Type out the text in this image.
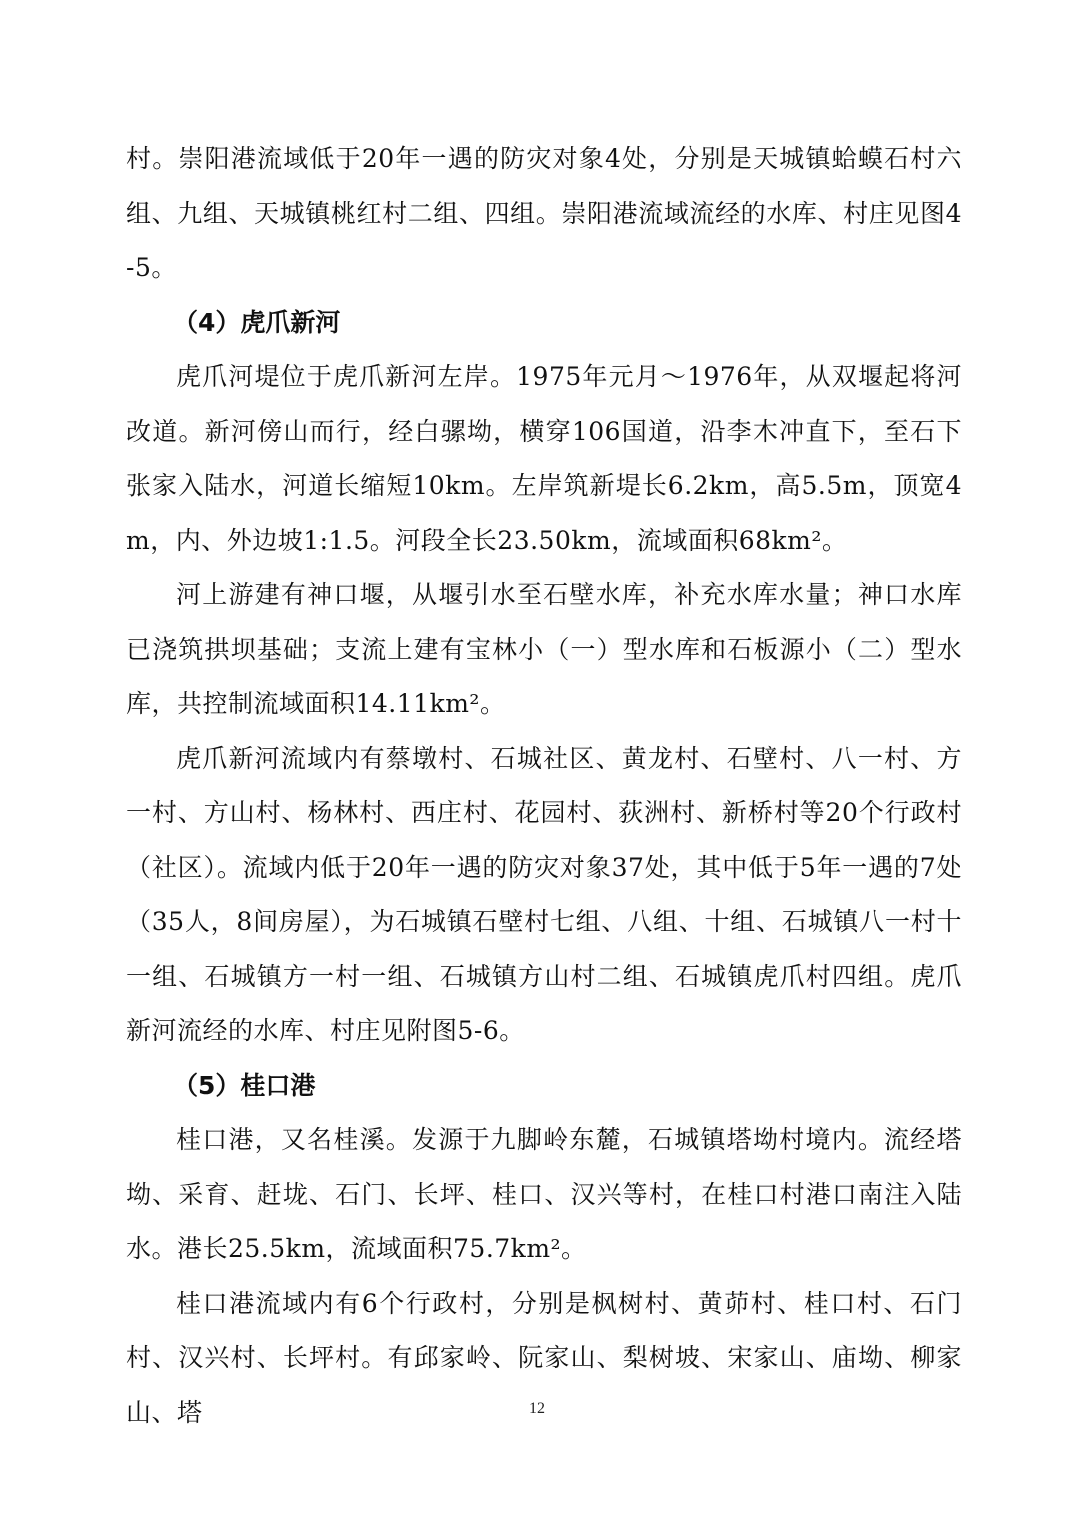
村。崇阳港流域低于20年一遇的防灾对象4处，分别是天城镇蛤蟆石村六组、九组、天城镇桃红村二组、四组。崇阳港流域流经的水库、村庄见图4-5。

（4）虎爪新河

虎爪河堤位于虎爪新河左岸。1975年元月～1976年，从双堰起将河改道。新河傍山而行，经白骡坳，横穿106国道，沿李木冲直下，至石下张家入陆水，河道长缩短10km。左岸筑新堤长6.2km，高5.5m，顶宽4m，内、外边坡1:1.5。河段全长23.50km，流域面积68km²。

河上游建有神口堰，从堰引水至石壁水库，补充水库水量；神口水库已浇筑拱坝基础；支流上建有宝林小（一）型水库和石板源小（二）型水库，共控制流域面积14.11km²。

虎爪新河流域内有蔡墩村、石城社区、黄龙村、石壁村、八一村、方一村、方山村、杨林村、西庄村、花园村、荻洲村、新桥村等20个行政村（社区）。流域内低于20年一遇的防灾对象37处，其中低于5年一遇的7处（35人，8间房屋），为石城镇石壁村七组、八组、十组、石城镇八一村十一组、石城镇方一村一组、石城镇方山村二组、石城镇虎爪村四组。虎爪新河流经的水库、村庄见附图5-6。

（5）桂口港

桂口港，又名桂溪。发源于九脚岭东麓，石城镇塔坳村境内。流经塔坳、采育、赶垅、石门、长坪、桂口、汉兴等村，在桂口村港口南注入陆水。港长25.5km，流域面积75.7km²。

桂口港流域内有6个行政村，分别是枫树村、黄茆村、桂口村、石门村、汉兴村、长坪村。有邱家岭、阮家山、梨树坡、宋家山、庙坳、柳家山、塔	12
